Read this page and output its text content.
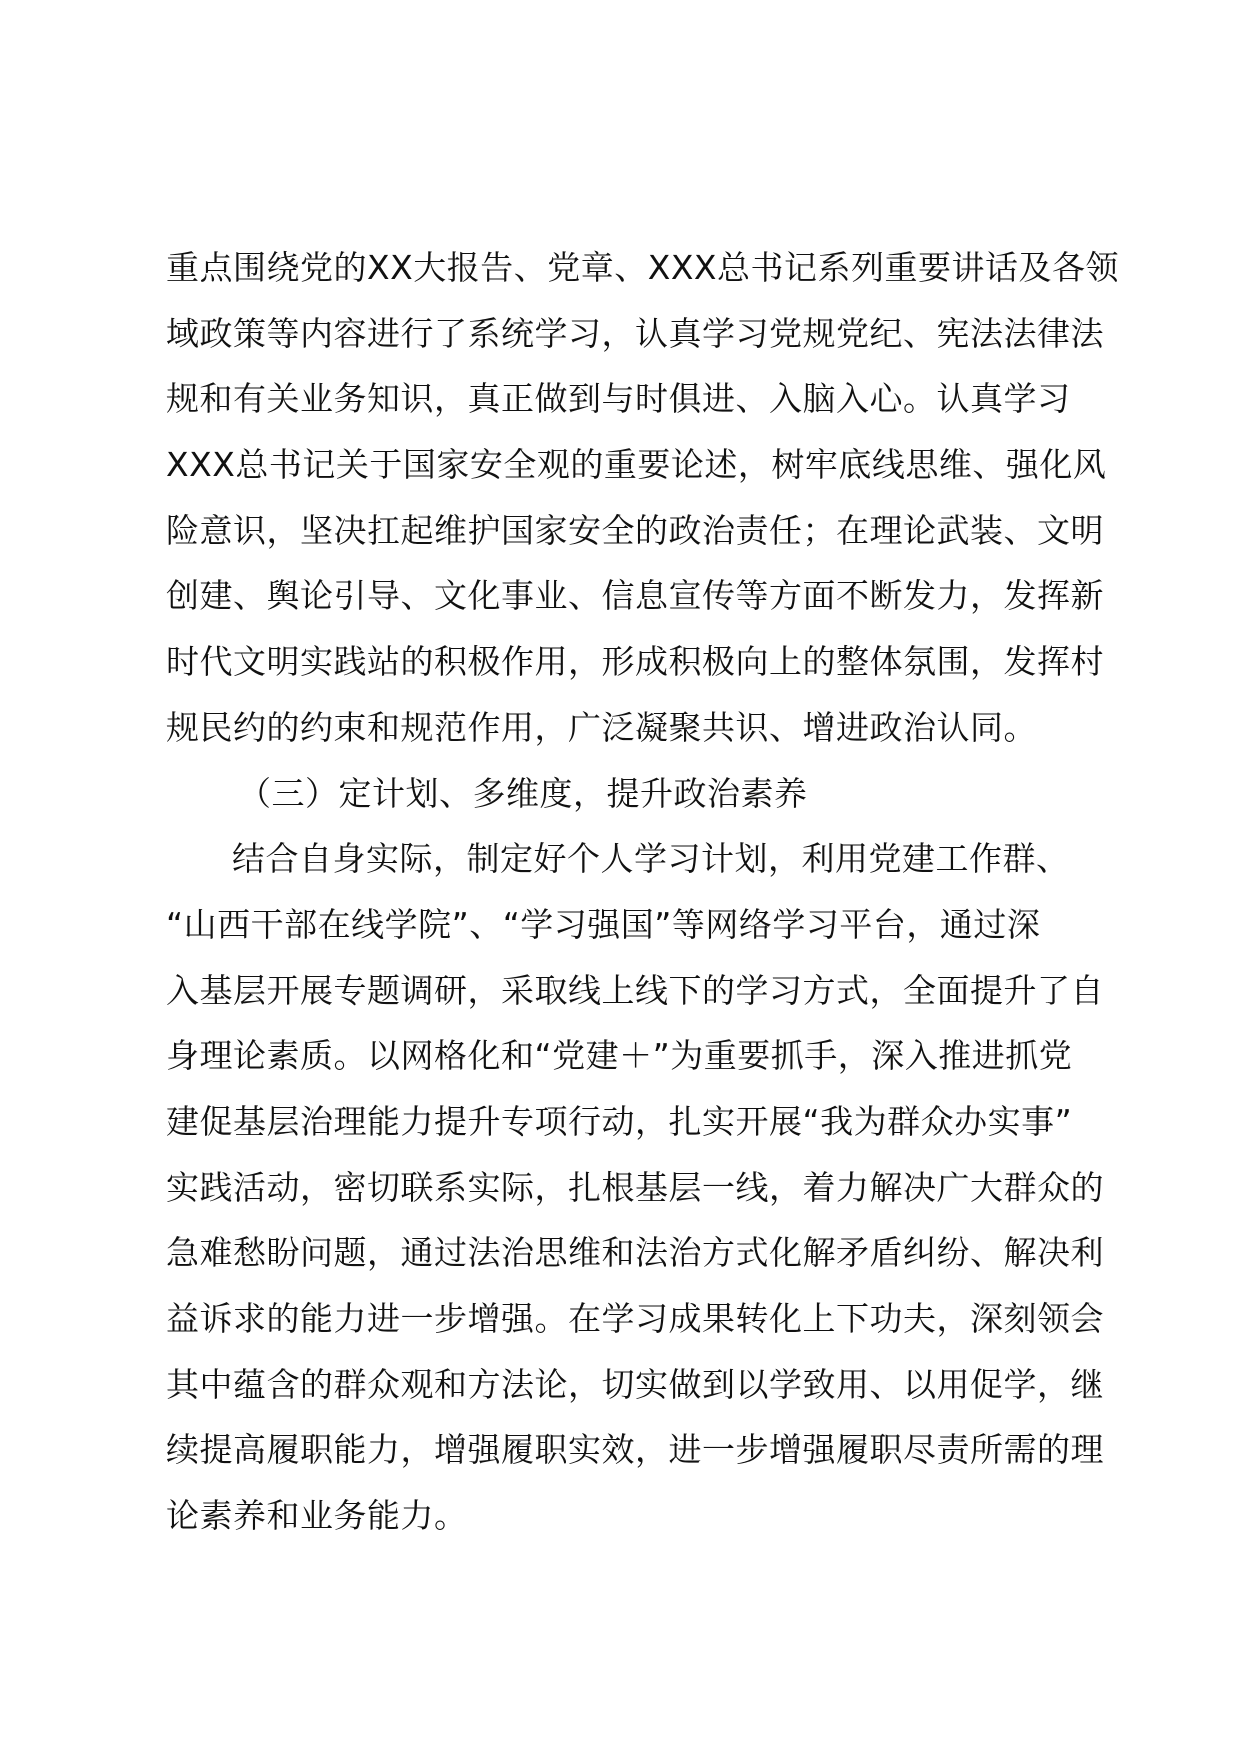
重点围绕党的XX大报告、党章、XXX总书记系列重要讲话及各领
域政策等内容进行了系统学习，认真学习党规党纪、宪法法律法
规和有关业务知识，真正做到与时俱进、入脑入心。认真学习
XXX总书记关于国家安全观的重要论述，树牢底线思维、强化风
险意识，坚决扛起维护国家安全的政治责任；在理论武装、文明
创建、舆论引导、文化事业、信息宣传等方面不断发力，发挥新
时代文明实践站的积极作用，形成积极向上的整体氛围，发挥村
规民约的约束和规范作用，广泛凝聚共识、增进政治认同。
（三）定计划、多维度，提升政治素养
结合自身实际，制定好个人学习计划，利用党建工作群、
“山西干部在线学院”、“学习强国”等网络学习平台，通过深
入基层开展专题调研，采取线上线下的学习方式，全面提升了自
身理论素质。以网格化和“党建＋”为重要抓手，深入推进抓党
建促基层治理能力提升专项行动，扎实开展“我为群众办实事”
实践活动，密切联系实际，扎根基层一线，着力解决广大群众的
急难愁盼问题，通过法治思维和法治方式化解矛盾纠纷、解决利
益诉求的能力进一步增强。在学习成果转化上下功夫，深刻领会
其中蕴含的群众观和方法论，切实做到以学致用、以用促学，继
续提高履职能力，增强履职实效，进一步增强履职尽责所需的理
论素养和业务能力。
